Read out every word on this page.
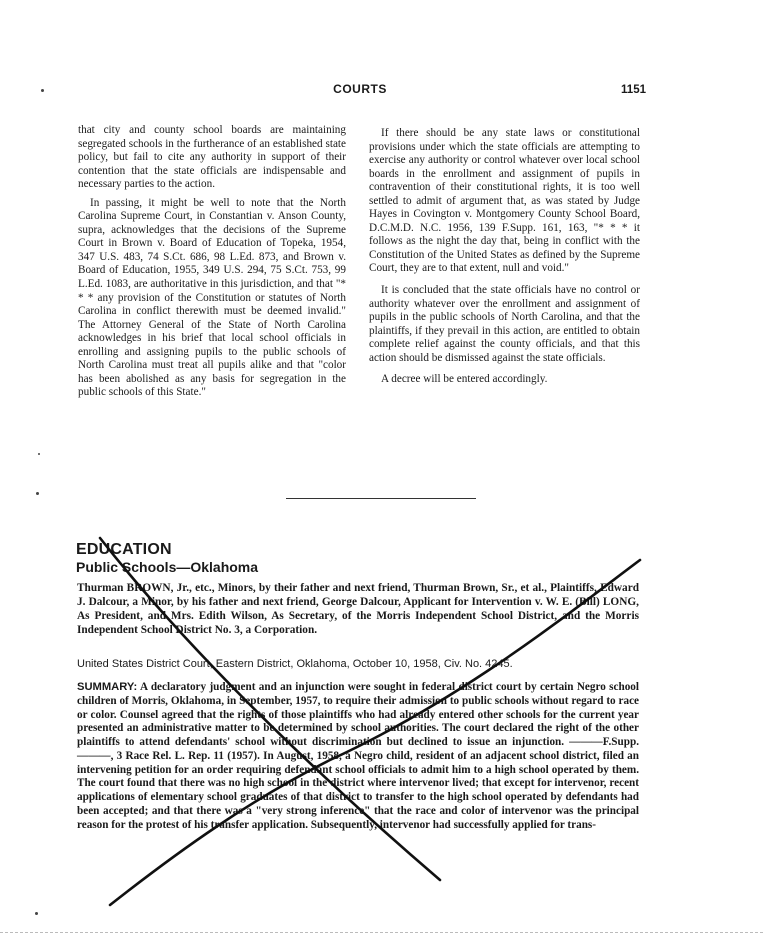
COURTS	1151

that city and county school boards are maintaining segregated schools in the furtherance of an established state policy, but fail to cite any authority in support of their contention that the state officials are indispensable and necessary parties to the action.

In passing, it might be well to note that the North Carolina Supreme Court, in Constantian v. Anson County, supra, acknowledges that the decisions of the Supreme Court in Brown v. Board of Education of Topeka, 1954, 347 U.S. 483, 74 S.Ct. 686, 98 L.Ed. 873, and Brown v. Board of Education, 1955, 349 U.S. 294, 75 S.Ct. 753, 99 L.Ed. 1083, are authoritative in this jurisdiction, and that "* * * any provision of the Constitution or statutes of North Carolina in conflict therewith must be deemed invalid." The Attorney General of the State of North Carolina acknowledges in his brief that local school officials in enrolling and assigning pupils to the public schools of North Carolina must treat all pupils alike and that "color has been abolished as any basis for segregation in the public schools of this State."

If there should be any state laws or constitutional provisions under which the state officials are attempting to exercise any authority or control whatever over local school boards in the enrollment and assignment of pupils in contravention of their constitutional rights, it is too well settled to admit of argument that, as was stated by Judge Hayes in Covington v. Montgomery County School Board, D.C.M.D. N.C. 1956, 139 F.Supp. 161, 163, "* * * it follows as the night the day that, being in conflict with the Constitution of the United States as defined by the Supreme Court, they are to that extent, null and void."

It is concluded that the state officials have no control or authority whatever over the enrollment and assignment of pupils in the public schools of North Carolina, and that the plaintiffs, if they prevail in this action, are entitled to obtain complete relief against the county officials, and that this action should be dismissed against the state officials.

A decree will be entered accordingly.

EDUCATION
Public Schools—Oklahoma
Thurman BROWN, Jr., etc., Minors, by their father and next friend, Thurman Brown, Sr., et al., Plaintiffs, Edward J. Dalcour, a Minor, by his father and next friend, George Dalcour, Applicant for Intervention v. W. E. (Bill) LONG, As President, and Mrs. Edith Wilson, As Secretary, of the Morris Independent School District, and the Morris Independent School District No. 3, a Corporation.
United States District Court, Eastern District, Oklahoma, October 10, 1958, Civ. No. 4245.
SUMMARY: A declaratory judgment and an injunction were sought in federal district court by certain Negro school children of Morris, Oklahoma, in September, 1957, to require their admission to public schools without regard to race or color. Counsel agreed that the rights of those plaintiffs who had already entered other schools for the current year presented an administrative matter to be determined by school authorities. The court declared the right of the other plaintiffs to attend defendants' school without discrimination but declined to issue an injunction. ———F.Supp.———, 3 Race Rel. L. Rep. 11 (1957). In August, 1958, a Negro child, resident of an adjacent school district, filed an intervening petition for an order requiring defendant school officials to admit him to a high school operated by them. The court found that there was no high school in the district where intervenor lived; that except for intervenor, recent applications of elementary school graduates of that district to transfer to the high school operated by defendants had been accepted; and that there was a "very strong inference" that the race and color of intervenor was the principal reason for the protest of his transfer application. Subsequently, intervenor had successfully applied for trans-
